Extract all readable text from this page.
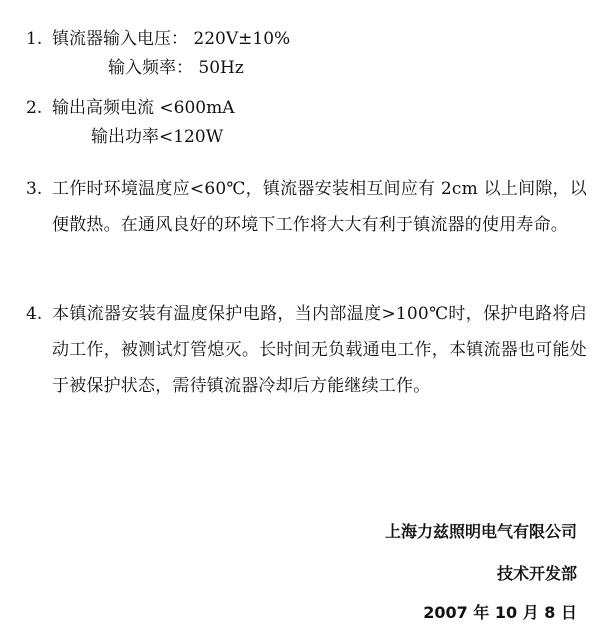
1. 镇流器输入电压： 220V±10%
输入频率： 50Hz
2. 输出高频电流 <600mA
输出功率<120W
3. 工作时环境温度应<60℃，镇流器安装相互间应有 2cm 以上间隙，以便散热。在通风良好的环境下工作将大大有利于镇流器的使用寿命。
4. 本镇流器安装有温度保护电路，当内部温度>100℃时，保护电路将启动工作，被测试灯管熄灭。长时间无负载通电工作，本镇流器也可能处于被保护状态，需待镇流器冷却后方能继续工作。
上海力兹照明电气有限公司
技术开发部
2007 年 10 月 8 日
